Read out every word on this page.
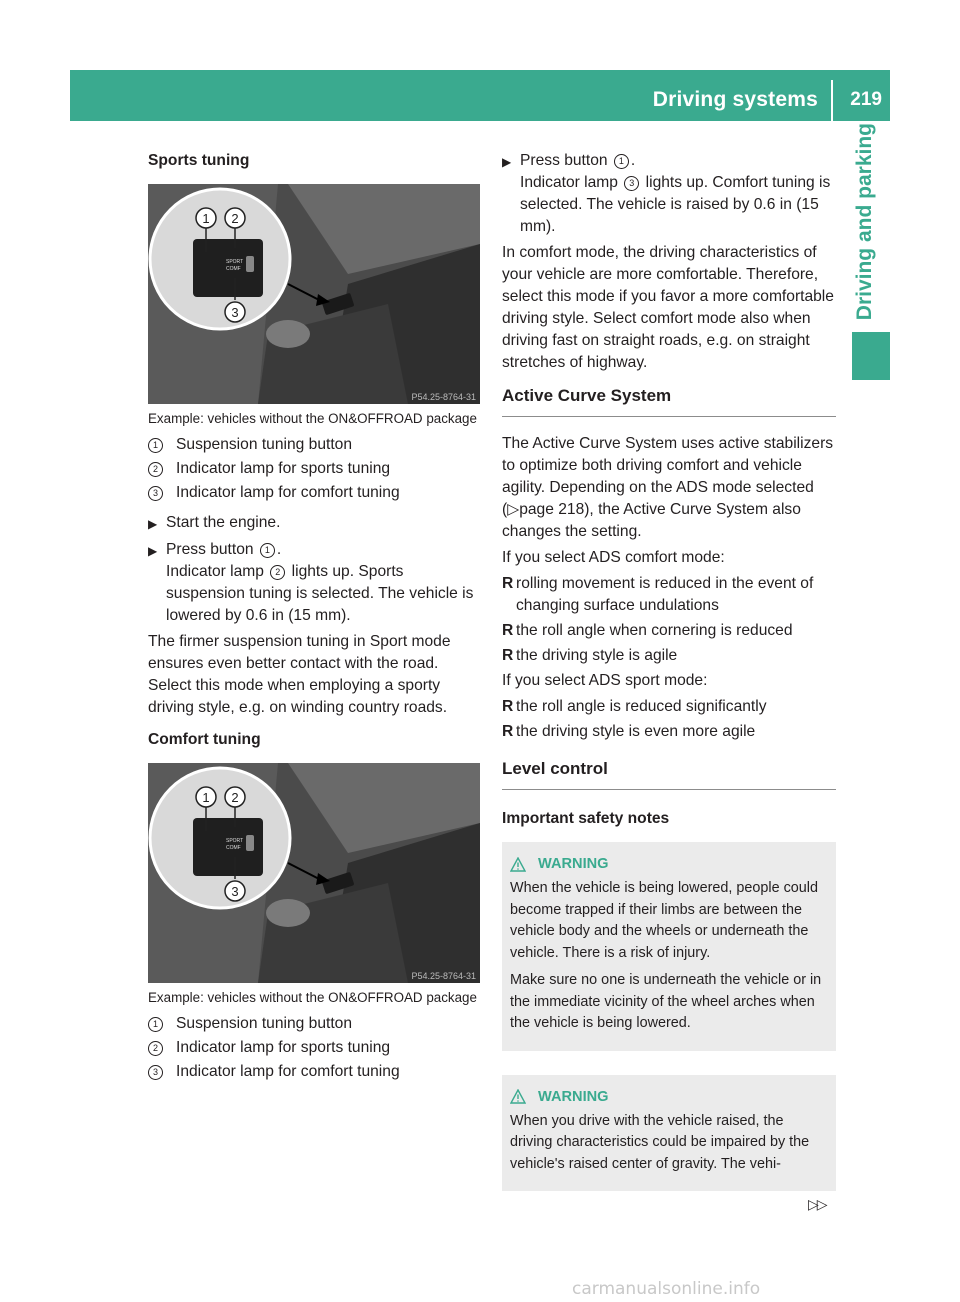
Driving systems 219
Driving and parking
Sports tuning
SPORT
COMF
1 2
3
P54.25-8764-31
Example: vehicles without the ON&OFFROAD package
1	Suspension tuning button
2	Indicator lamp for sports tuning
3	Indicator lamp for comfort tuning
▶ Start the engine.
▶ Press button 1 .
Indicator lamp 2 lights up. Sports suspension tuning is selected. The vehicle is lowered by 0.6 in (15 mm).

The firmer suspension tuning in Sport mode ensures even better contact with the road. Select this mode when employing a sporty driving style, e.g. on winding country roads.

Comfort tuning
SPORT
COMF
1 2
3
P54.25-8764-31
Example: vehicles without the ON&OFFROAD package
1	Suspension tuning button
2	Indicator lamp for sports tuning
3	Indicator lamp for comfort tuning
▶ Press button 1 .
Indicator lamp 3 lights up. Comfort tuning is selected. The vehicle is raised by 0.6 in (15 mm).

In comfort mode, the driving characteristics of your vehicle are more comfortable. Therefore, select this mode if you favor a more comfortable driving style. Select comfort mode also when driving fast on straight roads, e.g. on straight stretches of highway.

Active Curve System

The Active Curve System uses active stabilizers to optimize both driving comfort and vehicle agility. Depending on the ADS mode selected (▷page 218), the Active Curve System also changes the setting.

If you select ADS comfort mode:

R rolling movement is reduced in the event of changing surface undulations
R the roll angle when cornering is reduced
R the driving style is agile

If you select ADS sport mode:

R the roll angle is reduced significantly
R the driving style is even more agile
Level control
Important safety notes
WARNING

When the vehicle is being lowered, people could become trapped if their limbs are between the vehicle body and the wheels or underneath the vehicle. There is a risk of injury.

Make sure no one is underneath the vehicle or in the immediate vicinity of the wheel arches when the vehicle is being lowered.

WARNING

When you drive with the vehicle raised, the driving characteristics could be impaired by the vehicle's raised center of gravity. The vehi-

▷▷
carmanualsonline.info
